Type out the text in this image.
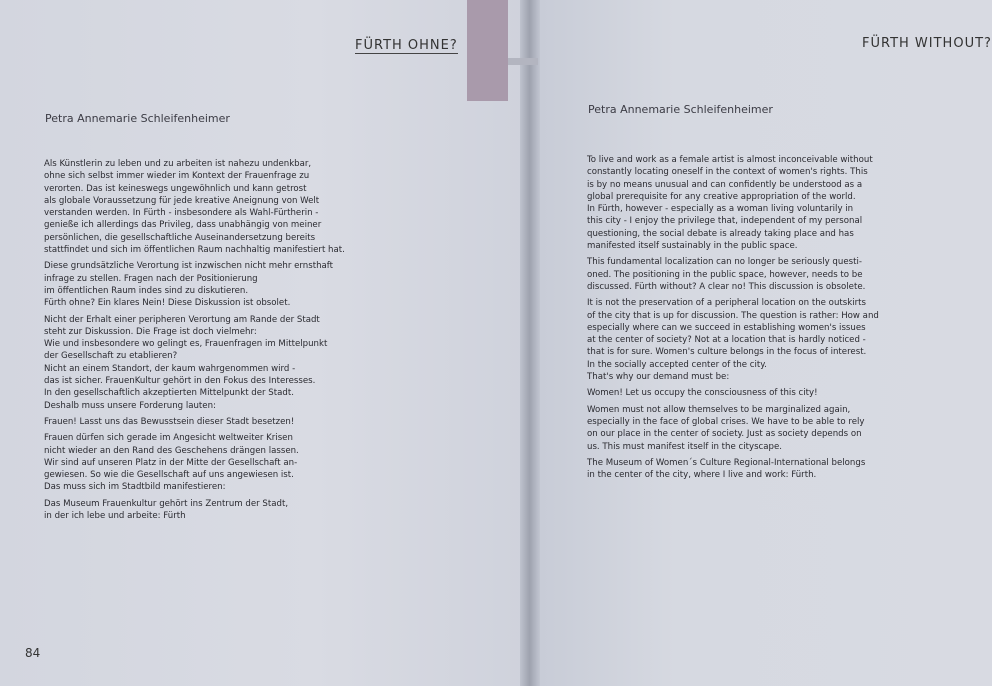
FÜRTH OHNE?
Petra Annemarie Schleifenheimer

Als Künstlerin zu leben und zu arbeiten ist nahezu undenkbar,
ohne sich selbst immer wieder im Kontext der Frauenfrage zu
verorten. Das ist keineswegs ungewöhnlich und kann getrost
als globale Voraussetzung für jede kreative Aneignung von Welt
verstanden werden. In Fürth - insbesondere als Wahl-Fürtherin -
genieße ich allerdings das Privileg, dass unabhängig von meiner
persönlichen, die gesellschaftliche Auseinandersetzung bereits
stattfindet und sich im öffentlichen Raum nachhaltig manifestiert hat.

Diese grundsätzliche Verortung ist inzwischen nicht mehr ernsthaft
infrage zu stellen. Fragen nach der Positionierung
im öffentlichen Raum indes sind zu diskutieren.
Fürth ohne? Ein klares Nein! Diese Diskussion ist obsolet.

Nicht der Erhalt einer peripheren Verortung am Rande der Stadt
steht zur Diskussion. Die Frage ist doch vielmehr:
Wie und insbesondere wo gelingt es, Frauenfragen im Mittelpunkt
der Gesellschaft zu etablieren?
Nicht an einem Standort, der kaum wahrgenommen wird -
das ist sicher. FrauenKultur gehört in den Fokus des Interesses.
In den gesellschaftlich akzeptierten Mittelpunkt der Stadt.
Deshalb muss unsere Forderung lauten:

Frauen! Lasst uns das Bewusstsein dieser Stadt besetzen!

Frauen dürfen sich gerade im Angesicht weltweiter Krisen
nicht wieder an den Rand des Geschehens drängen lassen.
Wir sind auf unseren Platz in der Mitte der Gesellschaft an-
gewiesen. So wie die Gesellschaft auf uns angewiesen ist.
Das muss sich im Stadtbild manifestieren:

Das Museum Frauenkultur gehört ins Zentrum der Stadt,
in der ich lebe und arbeite: Fürth

84
FÜRTH WITHOUT?
Petra Annemarie Schleifenheimer

To live and work as a female artist is almost inconceivable without
constantly locating oneself in the context of women's rights. This
is by no means unusual and can confidently be understood as a
global prerequisite for any creative appropriation of the world.
In Fürth, however - especially as a woman living voluntarily in
this city - I enjoy the privilege that, independent of my personal
questioning, the social debate is already taking place and has
manifested itself sustainably in the public space.

This fundamental localization can no longer be seriously questi-
oned. The positioning in the public space, however, needs to be
discussed. Fürth without? A clear no! This discussion is obsolete.

It is not the preservation of a peripheral location on the outskirts
of the city that is up for discussion. The question is rather: How and
especially where can we succeed in establishing women's issues
at the center of society? Not at a location that is hardly noticed -
that is for sure. Women's culture belongs in the focus of interest.
In the socially accepted center of the city.
That's why our demand must be:

Women! Let us occupy the consciousness of this city!

Women must not allow themselves to be marginalized again,
especially in the face of global crises. We have to be able to rely
on our place in the center of society. Just as society depends on
us. This must manifest itself in the cityscape.

The Museum of Women´s Culture Regional-International belongs
in the center of the city, where I live and work: Fürth.
